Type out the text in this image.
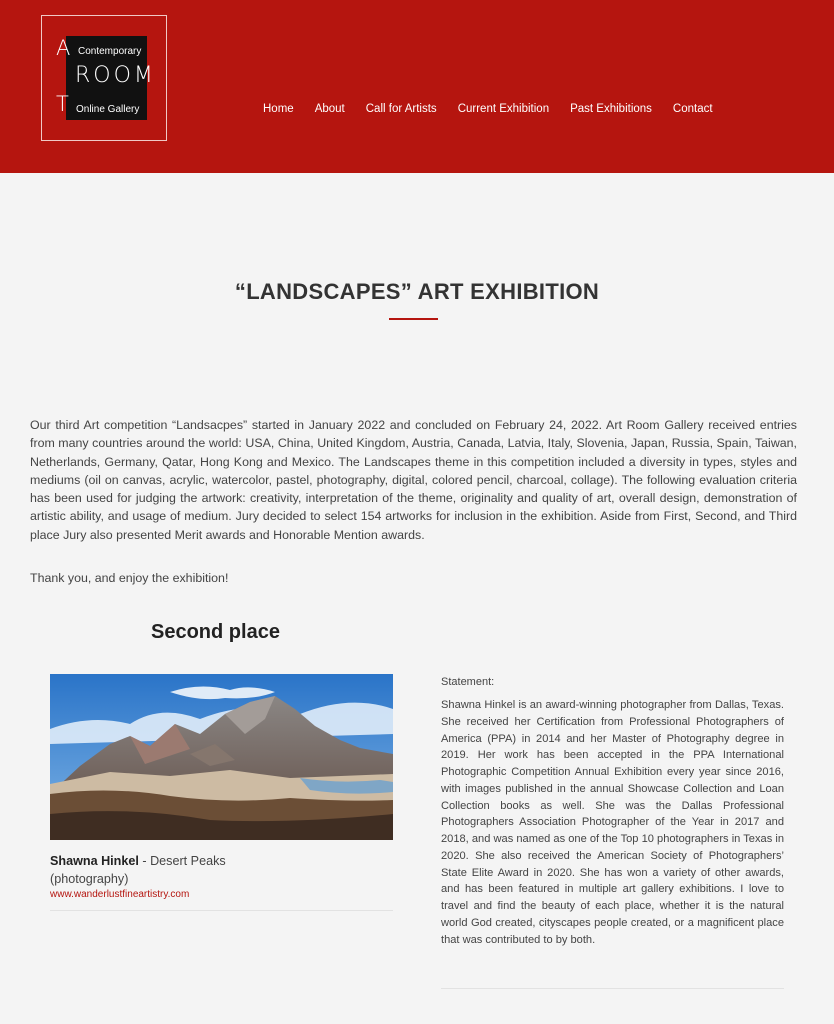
A
ROOM
T
Contemporary
Online Gallery	Home About Call for Artists Current Exhibition Past Exhibitions Contact
“LANDSCAPES” ART EXHIBITION

Our third Art competition “Landsacpes” started in January 2022 and concluded on February 24, 2022. Art Room Gallery received entries from many countries around the world: USA, China, United Kingdom, Austria, Canada, Latvia, Italy, Slovenia, Japan, Russia, Spain, Taiwan, Netherlands, Germany, Qatar, Hong Kong and Mexico. The Landscapes theme in this competition included a diversity in types, styles and mediums (oil on canvas, acrylic, watercolor, pastel, photography, digital, colored pencil, charcoal, collage). The following evaluation criteria has been used for judging the artwork: creativity, interpretation of the theme, originality and quality of art, overall design, demonstration of artistic ability, and usage of medium. Jury decided to select 154 artworks for inclusion in the exhibition. Aside from First, Second, and Third place Jury also presented Merit awards and Honorable Mention awards.

Thank you, and enjoy the exhibition!

Second place
Shawna Hinkel - Desert Peaks
(photography)
www.wanderlustfineartistry.com
Statement:

Shawna Hinkel is an award-winning photographer from Dallas, Texas. She received her Certification from Professional Photographers of America (PPA) in 2014 and her Master of Photography degree in 2019. Her work has been accepted in the PPA International Photographic Competition Annual Exhibition every year since 2016, with images published in the annual Showcase Collection and Loan Collection books as well. She was the Dallas Professional Photographers Association Photographer of the Year in 2017 and 2018, and was named as one of the Top 10 photographers in Texas in 2020. She also received the American Society of Photographers’ State Elite Award in 2020. She has won a variety of other awards, and has been featured in multiple art gallery exhibitions. I love to travel and find the beauty of each place, whether it is the natural world God created, cityscapes people created, or a magnificent place that was contributed to by both.
